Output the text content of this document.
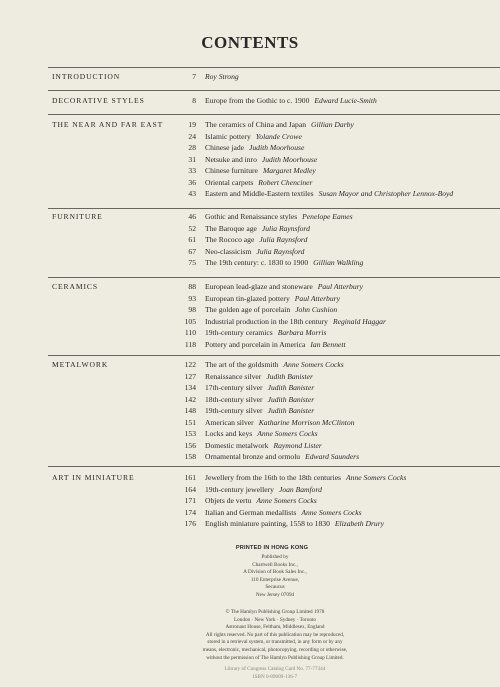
CONTENTS
INTRODUCTION	7 Roy Strong
DECORATIVE STYLES	8 Europe from the Gothic to c. 1900 Edward Lucie-Smith
THE NEAR AND FAR EAST	19 The ceramics of China and Japan Gillian Darby
24 Islamic pottery Yolande Crowe
28 Chinese jade Judith Moorhouse
31 Netsuke and inro Judith Moorhouse
33 Chinese furniture Margaret Medley
36 Oriental carpets Robert Chenciner
43 Eastern and Middle-Eastern textiles Susan Mayor and Christopher Lennox-Boyd
FURNITURE	46 Gothic and Renaissance styles Penelope Eames
52 The Baroque age Julia Raynsford
61 The Rococo age Julia Raynsford
67 Neo-classicism Julia Raynsford
75 The 19th century: c. 1830 to 1900 Gillian Walkling
CERAMICS	88 European lead-glaze and stoneware Paul Atterbury
93 European tin-glazed pottery Paul Atterbury
98 The golden age of porcelain John Cushion
105 Industrial production in the 18th century Reginald Haggar
110 19th-century ceramics Barbara Morris
118 Pottery and porcelain in America Ian Bennett
METALWORK	122 The art of the goldsmith Anne Somers Cocks
127 Renaissance silver Judith Banister
134 17th-century silver Judith Banister
142 18th-century silver Judith Banister
148 19th-century silver Judith Banister
151 American silver Katharine Morrison McClinton
153 Locks and keys Anne Somers Cocks
156 Domestic metalwork Raymond Lister
158 Ornamental bronze and ormolu Edward Saunders
ART IN MINIATURE	161 Jewellery from the 16th to the 18th centuries Anne Somers Cocks
164 19th-century jewellery Joan Bamford
171 Objets de vertu Anne Somers Cocks
174 Italian and German medallists Anne Somers Cocks
176 English miniature painting, 1558 to 1830 Elizabeth Drury
PRINTED IN HONG KONG
Published by
Chartwell Books Inc.,
A Division of Book Sales Inc.,
110 Enterprise Avenue,
Secaucus
New Jersey 07094
© The Hamlyn Publishing Group Limited 1978
London · New York · Sydney · Toronto
Astronaut House, Feltham, Middlesex, England
All rights reserved. No part of this publication may be reproduced,
stored in a retrieval system, or transmitted, in any form or by any
means, electronic, mechanical, photocopying, recording or otherwise,
without the permission of The Hamlyn Publishing Group Limited.
Library of Congress Catalog Card No. 77-77344
ISBN 0-89009-136-7
